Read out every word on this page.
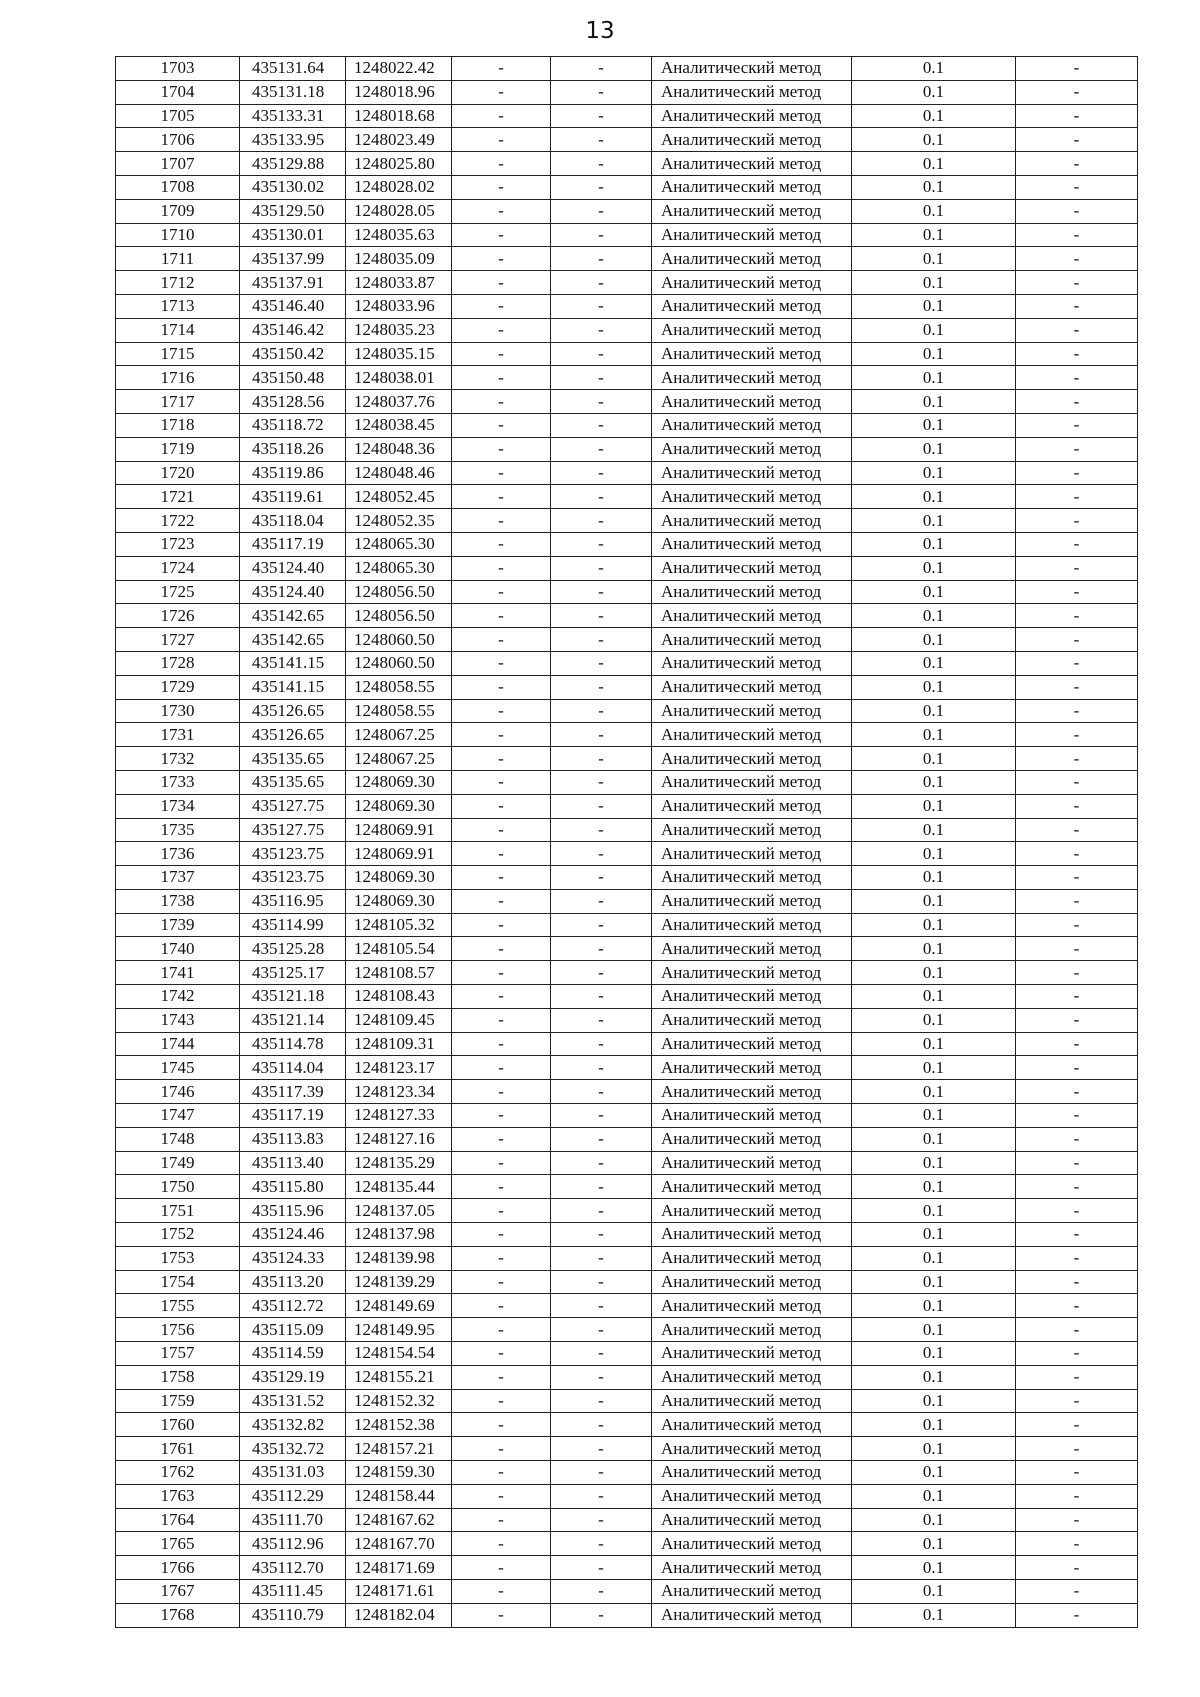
13
1703	435131.64	1248022.42	-	-	Аналитический метод	0.1	-
1704	435131.18	1248018.96	-	-	Аналитический метод	0.1	-
1705	435133.31	1248018.68	-	-	Аналитический метод	0.1	-
1706	435133.95	1248023.49	-	-	Аналитический метод	0.1	-
1707	435129.88	1248025.80	-	-	Аналитический метод	0.1	-
1708	435130.02	1248028.02	-	-	Аналитический метод	0.1	-
1709	435129.50	1248028.05	-	-	Аналитический метод	0.1	-
1710	435130.01	1248035.63	-	-	Аналитический метод	0.1	-
1711	435137.99	1248035.09	-	-	Аналитический метод	0.1	-
1712	435137.91	1248033.87	-	-	Аналитический метод	0.1	-
1713	435146.40	1248033.96	-	-	Аналитический метод	0.1	-
1714	435146.42	1248035.23	-	-	Аналитический метод	0.1	-
1715	435150.42	1248035.15	-	-	Аналитический метод	0.1	-
1716	435150.48	1248038.01	-	-	Аналитический метод	0.1	-
1717	435128.56	1248037.76	-	-	Аналитический метод	0.1	-
1718	435118.72	1248038.45	-	-	Аналитический метод	0.1	-
1719	435118.26	1248048.36	-	-	Аналитический метод	0.1	-
1720	435119.86	1248048.46	-	-	Аналитический метод	0.1	-
1721	435119.61	1248052.45	-	-	Аналитический метод	0.1	-
1722	435118.04	1248052.35	-	-	Аналитический метод	0.1	-
1723	435117.19	1248065.30	-	-	Аналитический метод	0.1	-
1724	435124.40	1248065.30	-	-	Аналитический метод	0.1	-
1725	435124.40	1248056.50	-	-	Аналитический метод	0.1	-
1726	435142.65	1248056.50	-	-	Аналитический метод	0.1	-
1727	435142.65	1248060.50	-	-	Аналитический метод	0.1	-
1728	435141.15	1248060.50	-	-	Аналитический метод	0.1	-
1729	435141.15	1248058.55	-	-	Аналитический метод	0.1	-
1730	435126.65	1248058.55	-	-	Аналитический метод	0.1	-
1731	435126.65	1248067.25	-	-	Аналитический метод	0.1	-
1732	435135.65	1248067.25	-	-	Аналитический метод	0.1	-
1733	435135.65	1248069.30	-	-	Аналитический метод	0.1	-
1734	435127.75	1248069.30	-	-	Аналитический метод	0.1	-
1735	435127.75	1248069.91	-	-	Аналитический метод	0.1	-
1736	435123.75	1248069.91	-	-	Аналитический метод	0.1	-
1737	435123.75	1248069.30	-	-	Аналитический метод	0.1	-
1738	435116.95	1248069.30	-	-	Аналитический метод	0.1	-
1739	435114.99	1248105.32	-	-	Аналитический метод	0.1	-
1740	435125.28	1248105.54	-	-	Аналитический метод	0.1	-
1741	435125.17	1248108.57	-	-	Аналитический метод	0.1	-
1742	435121.18	1248108.43	-	-	Аналитический метод	0.1	-
1743	435121.14	1248109.45	-	-	Аналитический метод	0.1	-
1744	435114.78	1248109.31	-	-	Аналитический метод	0.1	-
1745	435114.04	1248123.17	-	-	Аналитический метод	0.1	-
1746	435117.39	1248123.34	-	-	Аналитический метод	0.1	-
1747	435117.19	1248127.33	-	-	Аналитический метод	0.1	-
1748	435113.83	1248127.16	-	-	Аналитический метод	0.1	-
1749	435113.40	1248135.29	-	-	Аналитический метод	0.1	-
1750	435115.80	1248135.44	-	-	Аналитический метод	0.1	-
1751	435115.96	1248137.05	-	-	Аналитический метод	0.1	-
1752	435124.46	1248137.98	-	-	Аналитический метод	0.1	-
1753	435124.33	1248139.98	-	-	Аналитический метод	0.1	-
1754	435113.20	1248139.29	-	-	Аналитический метод	0.1	-
1755	435112.72	1248149.69	-	-	Аналитический метод	0.1	-
1756	435115.09	1248149.95	-	-	Аналитический метод	0.1	-
1757	435114.59	1248154.54	-	-	Аналитический метод	0.1	-
1758	435129.19	1248155.21	-	-	Аналитический метод	0.1	-
1759	435131.52	1248152.32	-	-	Аналитический метод	0.1	-
1760	435132.82	1248152.38	-	-	Аналитический метод	0.1	-
1761	435132.72	1248157.21	-	-	Аналитический метод	0.1	-
1762	435131.03	1248159.30	-	-	Аналитический метод	0.1	-
1763	435112.29	1248158.44	-	-	Аналитический метод	0.1	-
1764	435111.70	1248167.62	-	-	Аналитический метод	0.1	-
1765	435112.96	1248167.70	-	-	Аналитический метод	0.1	-
1766	435112.70	1248171.69	-	-	Аналитический метод	0.1	-
1767	435111.45	1248171.61	-	-	Аналитический метод	0.1	-
1768	435110.79	1248182.04	-	-	Аналитический метод	0.1	-
